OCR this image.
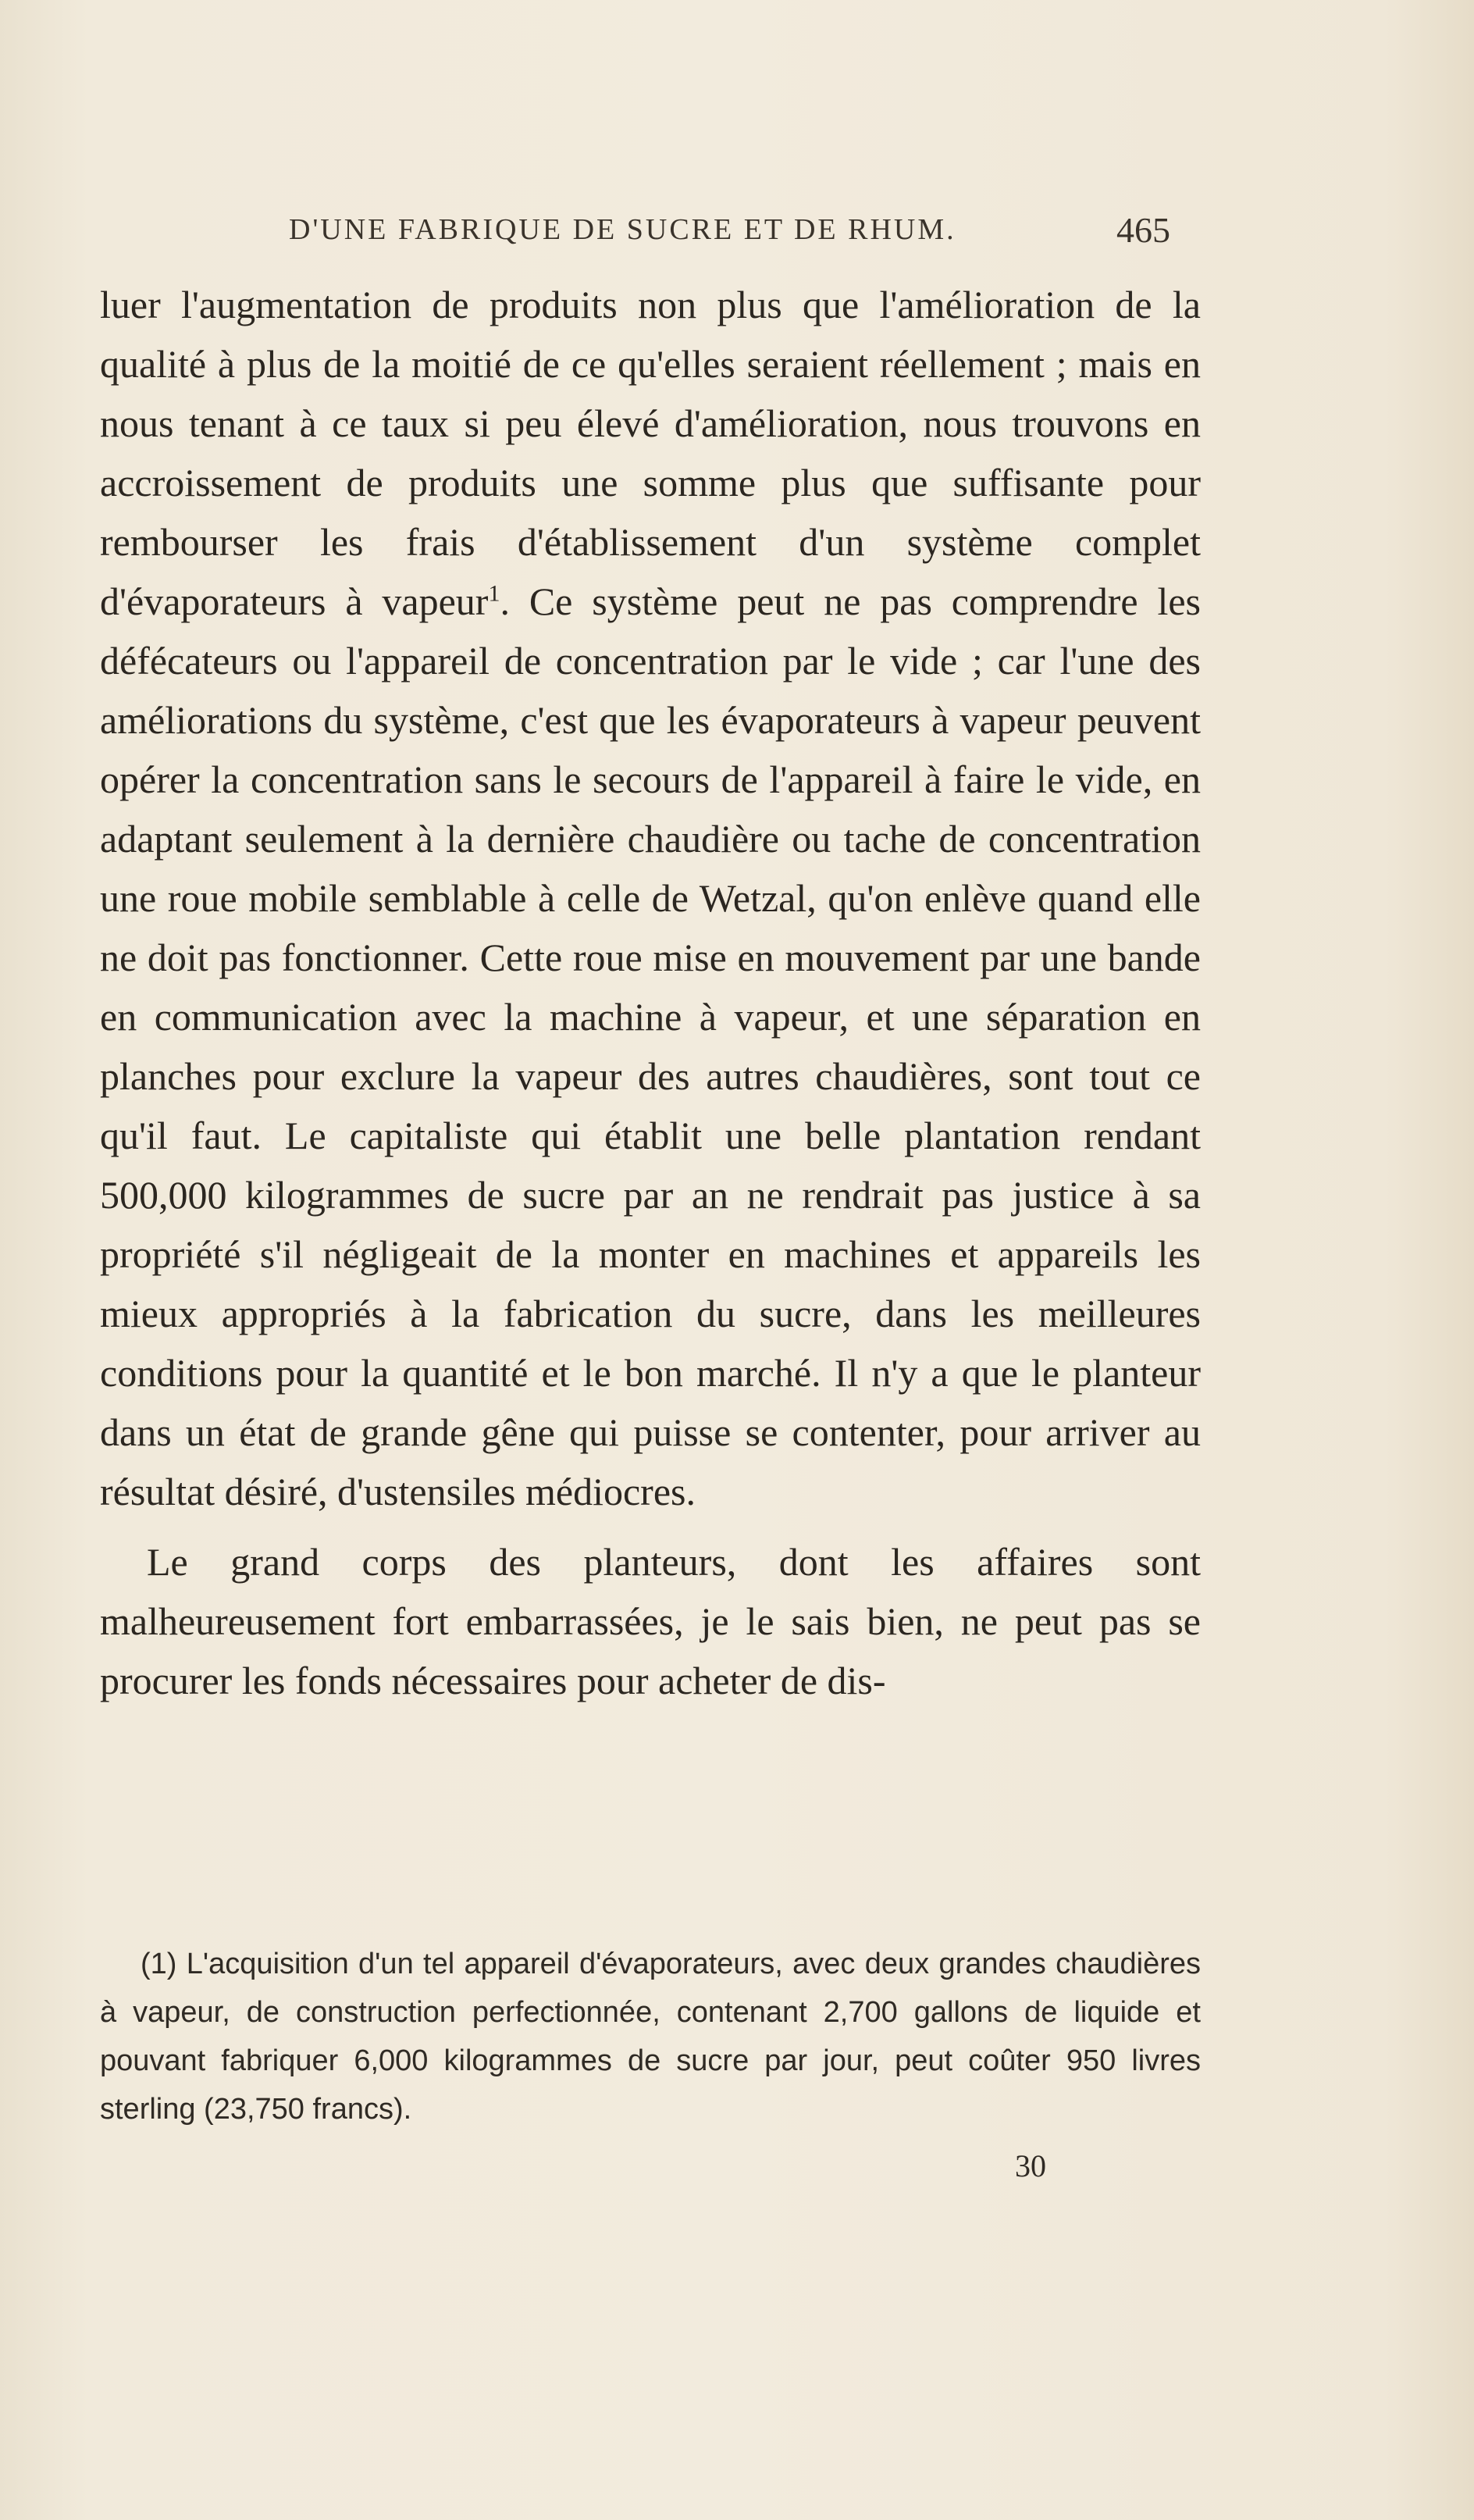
D'UNE FABRIQUE DE SUCRE ET DE RHUM.	465

luer l'augmentation de produits non plus que l'amélioration de la qualité à plus de la moitié de ce qu'elles seraient réellement ; mais en nous tenant à ce taux si peu élevé d'amélioration, nous trouvons en accroissement de produits une somme plus que suffisante pour rembourser les frais d'établissement d'un système complet d'évaporateurs à vapeur$^1$. Ce système peut ne pas comprendre les défécateurs ou l'appareil de concentration par le vide ; car l'une des améliorations du système, c'est que les évaporateurs à vapeur peuvent opérer la concentration sans le secours de l'appareil à faire le vide, en adaptant seulement à la dernière chaudière ou tache de concentration une roue mobile semblable à celle de Wetzal, qu'on enlève quand elle ne doit pas fonctionner. Cette roue mise en mouvement par une bande en communication avec la machine à vapeur, et une séparation en planches pour exclure la vapeur des autres chaudières, sont tout ce qu'il faut. Le capitaliste qui établit une belle plantation rendant 500,000 kilogrammes de sucre par an ne rendrait pas justice à sa propriété s'il négligeait de la monter en machines et appareils les mieux appropriés à la fabrication du sucre, dans les meilleures conditions pour la quantité et le bon marché. Il n'y a que le planteur dans un état de grande gêne qui puisse se contenter, pour arriver au résultat désiré, d'ustensiles médiocres.

Le grand corps des planteurs, dont les affaires sont malheureusement fort embarrassées, je le sais bien, ne peut pas se procurer les fonds nécessaires pour acheter de dis-

(1) L'acquisition d'un tel appareil d'évaporateurs, avec deux grandes chaudières à vapeur, de construction perfectionnée, contenant 2,700 gallons de liquide et pouvant fabriquer 6,000 kilogrammes de sucre par jour, peut coûter 950 livres sterling (23,750 francs).
30
